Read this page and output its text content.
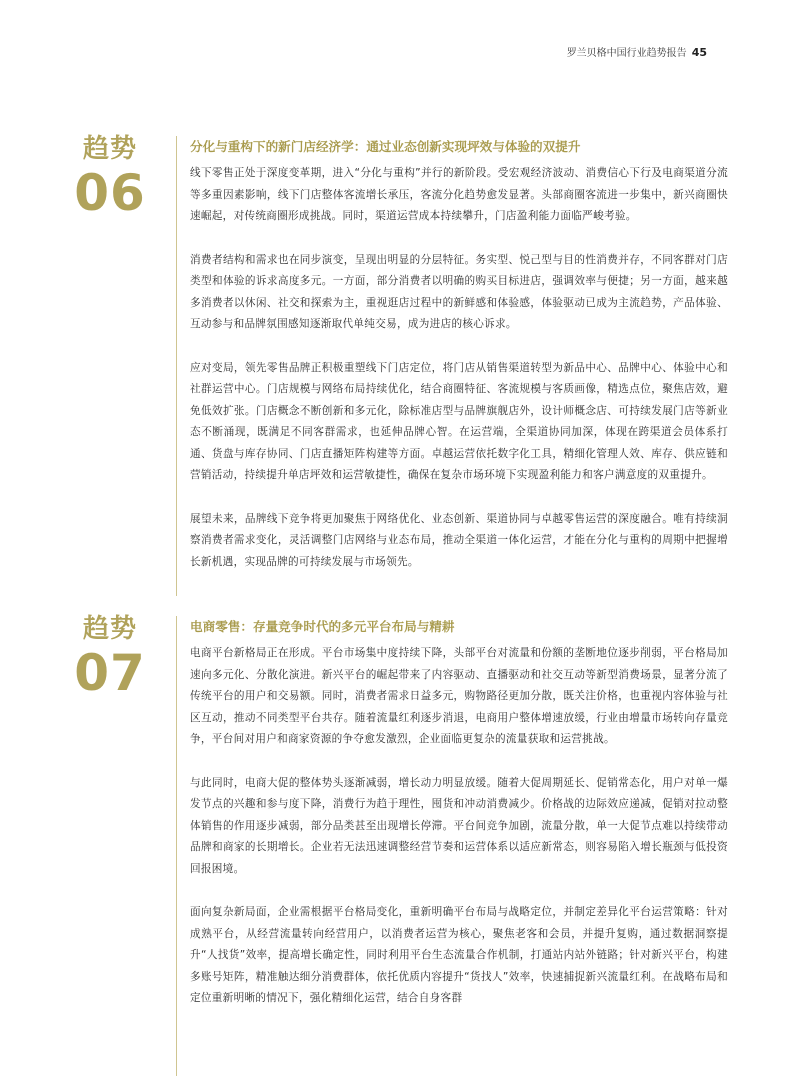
罗兰贝格中国行业趋势报告 45
趋势
06
分化与重构下的新门店经济学：通过业态创新实现坪效与体验的双提升

线下零售正处于深度变革期，进入“分化与重构”并行的新阶段。受宏观经济波动、消费信心下行及电商渠道分流等多重因素影响，线下门店整体客流增长承压，客流分化趋势愈发显著。头部商圈客流进一步集中，新兴商圈快速崛起，对传统商圈形成挑战。同时，渠道运营成本持续攀升，门店盈利能力面临严峻考验。

消费者结构和需求也在同步演变，呈现出明显的分层特征。务实型、悦己型与目的性消费并存，不同客群对门店类型和体验的诉求高度多元。一方面，部分消费者以明确的购买目标进店，强调效率与便捷；另一方面，越来越多消费者以休闲、社交和探索为主，重视逛店过程中的新鲜感和体验感，体验驱动已成为主流趋势，产品体验、互动参与和品牌氛围感知逐渐取代单纯交易，成为进店的核心诉求。

应对变局，领先零售品牌正积极重塑线下门店定位，将门店从销售渠道转型为新品中心、品牌中心、体验中心和社群运营中心。门店规模与网络布局持续优化，结合商圈特征、客流规模与客质画像，精选点位，聚焦店效，避免低效扩张。门店概念不断创新和多元化，除标准店型与品牌旗舰店外，设计师概念店、可持续发展门店等新业态不断涌现，既满足不同客群需求，也延伸品牌心智。在运营端，全渠道协同加深，体现在跨渠道会员体系打通、货盘与库存协同、门店直播矩阵构建等方面。卓越运营依托数字化工具，精细化管理人效、库存、供应链和营销活动，持续提升单店坪效和运营敏捷性，确保在复杂市场环境下实现盈利能力和客户满意度的双重提升。

展望未来，品牌线下竞争将更加聚焦于网络优化、业态创新、渠道协同与卓越零售运营的深度融合。唯有持续洞察消费者需求变化，灵活调整门店网络与业态布局，推动全渠道一体化运营，才能在分化与重构的周期中把握增长新机遇，实现品牌的可持续发展与市场领先。

趋势
07
电商零售：存量竞争时代的多元平台布局与精耕

电商平台新格局正在形成。平台市场集中度持续下降，头部平台对流量和份额的垄断地位逐步削弱，平台格局加速向多元化、分散化演进。新兴平台的崛起带来了内容驱动、直播驱动和社交互动等新型消费场景，显著分流了传统平台的用户和交易额。同时，消费者需求日益多元，购物路径更加分散，既关注价格，也重视内容体验与社区互动，推动不同类型平台共存。随着流量红利逐步消退，电商用户整体增速放缓，行业由增量市场转向存量竞争，平台间对用户和商家资源的争夺愈发激烈，企业面临更复杂的流量获取和运营挑战。

与此同时，电商大促的整体势头逐渐减弱，增长动力明显放缓。随着大促周期延长、促销常态化，用户对单一爆发节点的兴趣和参与度下降，消费行为趋于理性，囤货和冲动消费减少。价格战的边际效应递减，促销对拉动整体销售的作用逐步减弱，部分品类甚至出现增长停滞。平台间竞争加剧，流量分散，单一大促节点难以持续带动品牌和商家的长期增长。企业若无法迅速调整经营节奏和运营体系以适应新常态，则容易陷入增长瓶颈与低投资回报困境。

面向复杂新局面，企业需根据平台格局变化，重新明确平台布局与战略定位，并制定差异化平台运营策略：针对成熟平台，从经营流量转向经营用户，以消费者运营为核心，聚焦老客和会员，并提升复购，通过数据洞察提升“人找货”效率，提高增长确定性，同时利用平台生态流量合作机制，打通站内站外链路；针对新兴平台，构建多账号矩阵，精准触达细分消费群体，依托优质内容提升“货找人”效率，快速捕捉新兴流量红利。在战略布局和定位重新明晰的情况下，强化精细化运营，结合自身客群
